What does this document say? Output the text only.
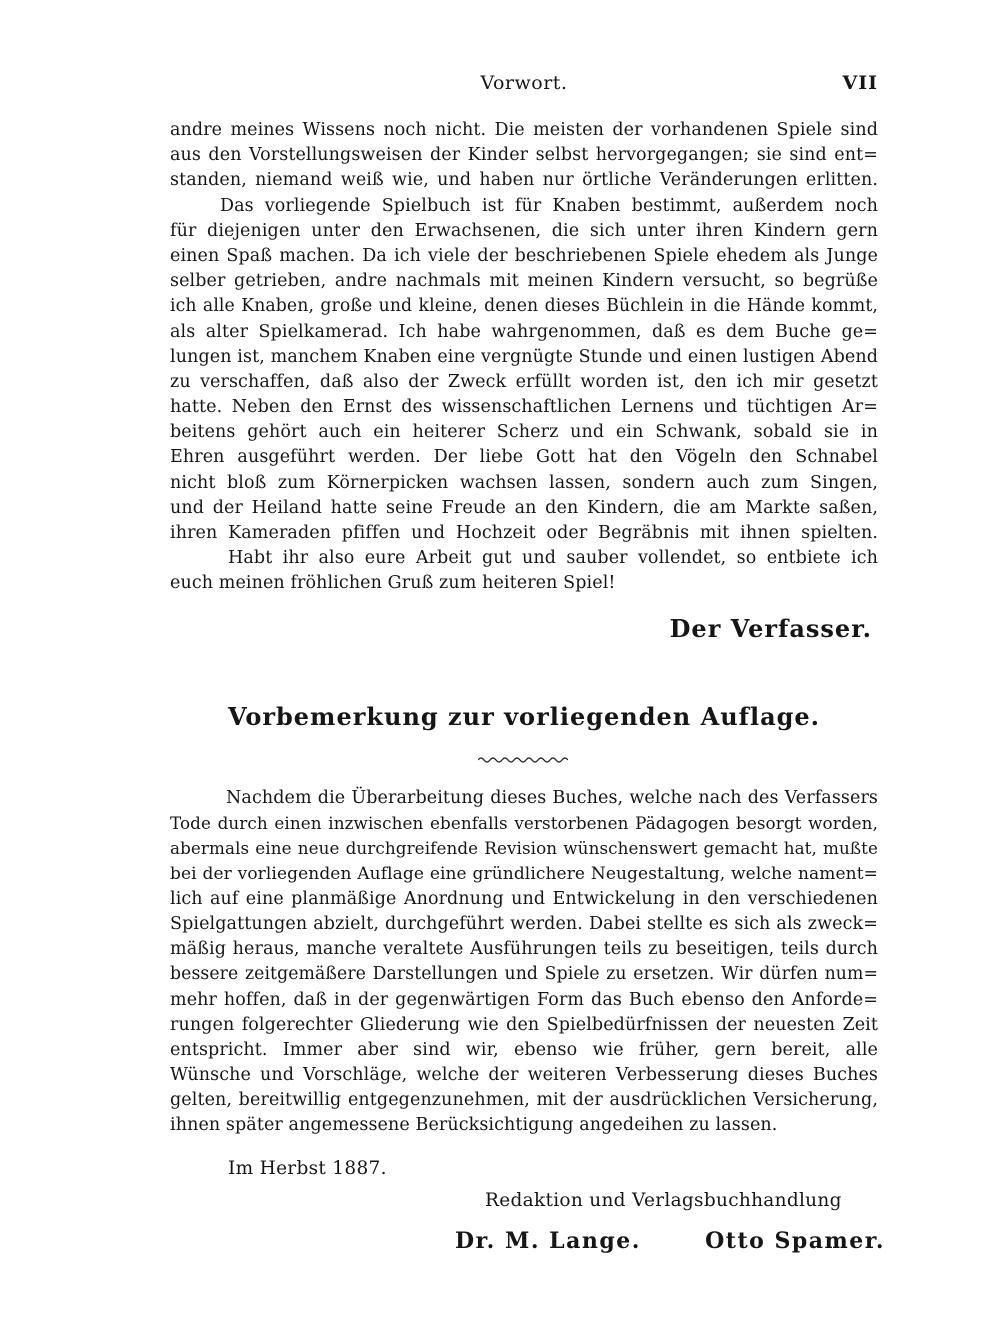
Vorwort.	VII
andre meines Wissens noch nicht. Die meisten der vorhandenen Spiele sind
aus den Vorstellungsweisen der Kinder selbst hervorgegangen; sie sind ent=
standen, niemand weiß wie, und haben nur örtliche Veränderungen erlitten.
Das vorliegende Spielbuch ist für Knaben bestimmt, außerdem noch
für diejenigen unter den Erwachsenen, die sich unter ihren Kindern gern
einen Spaß machen. Da ich viele der beschriebenen Spiele ehedem als Junge
selber getrieben, andre nachmals mit meinen Kindern versucht, so begrüße
ich alle Knaben, große und kleine, denen dieses Büchlein in die Hände kommt,
als alter Spielkamerad. Ich habe wahrgenommen, daß es dem Buche ge=
lungen ist, manchem Knaben eine vergnügte Stunde und einen lustigen Abend
zu verschaffen, daß also der Zweck erfüllt worden ist, den ich mir gesetzt
hatte. Neben den Ernst des wissenschaftlichen Lernens und tüchtigen Ar=
beitens gehört auch ein heiterer Scherz und ein Schwank, sobald sie in
Ehren ausgeführt werden. Der liebe Gott hat den Vögeln den Schnabel
nicht bloß zum Körnerpicken wachsen lassen, sondern auch zum Singen,
und der Heiland hatte seine Freude an den Kindern, die am Markte saßen,
ihren Kameraden pfiffen und Hochzeit oder Begräbnis mit ihnen spielten.
Habt ihr also eure Arbeit gut und sauber vollendet, so entbiete ich
euch meinen fröhlichen Gruß zum heiteren Spiel!
Der Verfasser.
Vorbemerkung zur vorliegenden Auflage.
Nachdem die Überarbeitung dieses Buches, welche nach des Verfassers
Tode durch einen inzwischen ebenfalls verstorbenen Pädagogen besorgt worden,
abermals eine neue durchgreifende Revision wünschenswert gemacht hat, mußte
bei der vorliegenden Auflage eine gründlichere Neugestaltung, welche nament=
lich auf eine planmäßige Anordnung und Entwickelung in den verschiedenen
Spielgattungen abzielt, durchgeführt werden. Dabei stellte es sich als zweck=
mäßig heraus, manche veraltete Ausführungen teils zu beseitigen, teils durch
bessere zeitgemäßere Darstellungen und Spiele zu ersetzen. Wir dürfen num=
mehr hoffen, daß in der gegenwärtigen Form das Buch ebenso den Anforde=
rungen folgerechter Gliederung wie den Spielbedürfnissen der neuesten Zeit
entspricht. Immer aber sind wir, ebenso wie früher, gern bereit, alle
Wünsche und Vorschläge, welche der weiteren Verbesserung dieses Buches
gelten, bereitwillig entgegenzunehmen, mit der ausdrücklichen Versicherung,
ihnen später angemessene Berücksichtigung angedeihen zu lassen.
Im Herbst 1887.
Redaktion und Verlagsbuchhandlung
Dr. M. Lange.	Otto Spamer.
